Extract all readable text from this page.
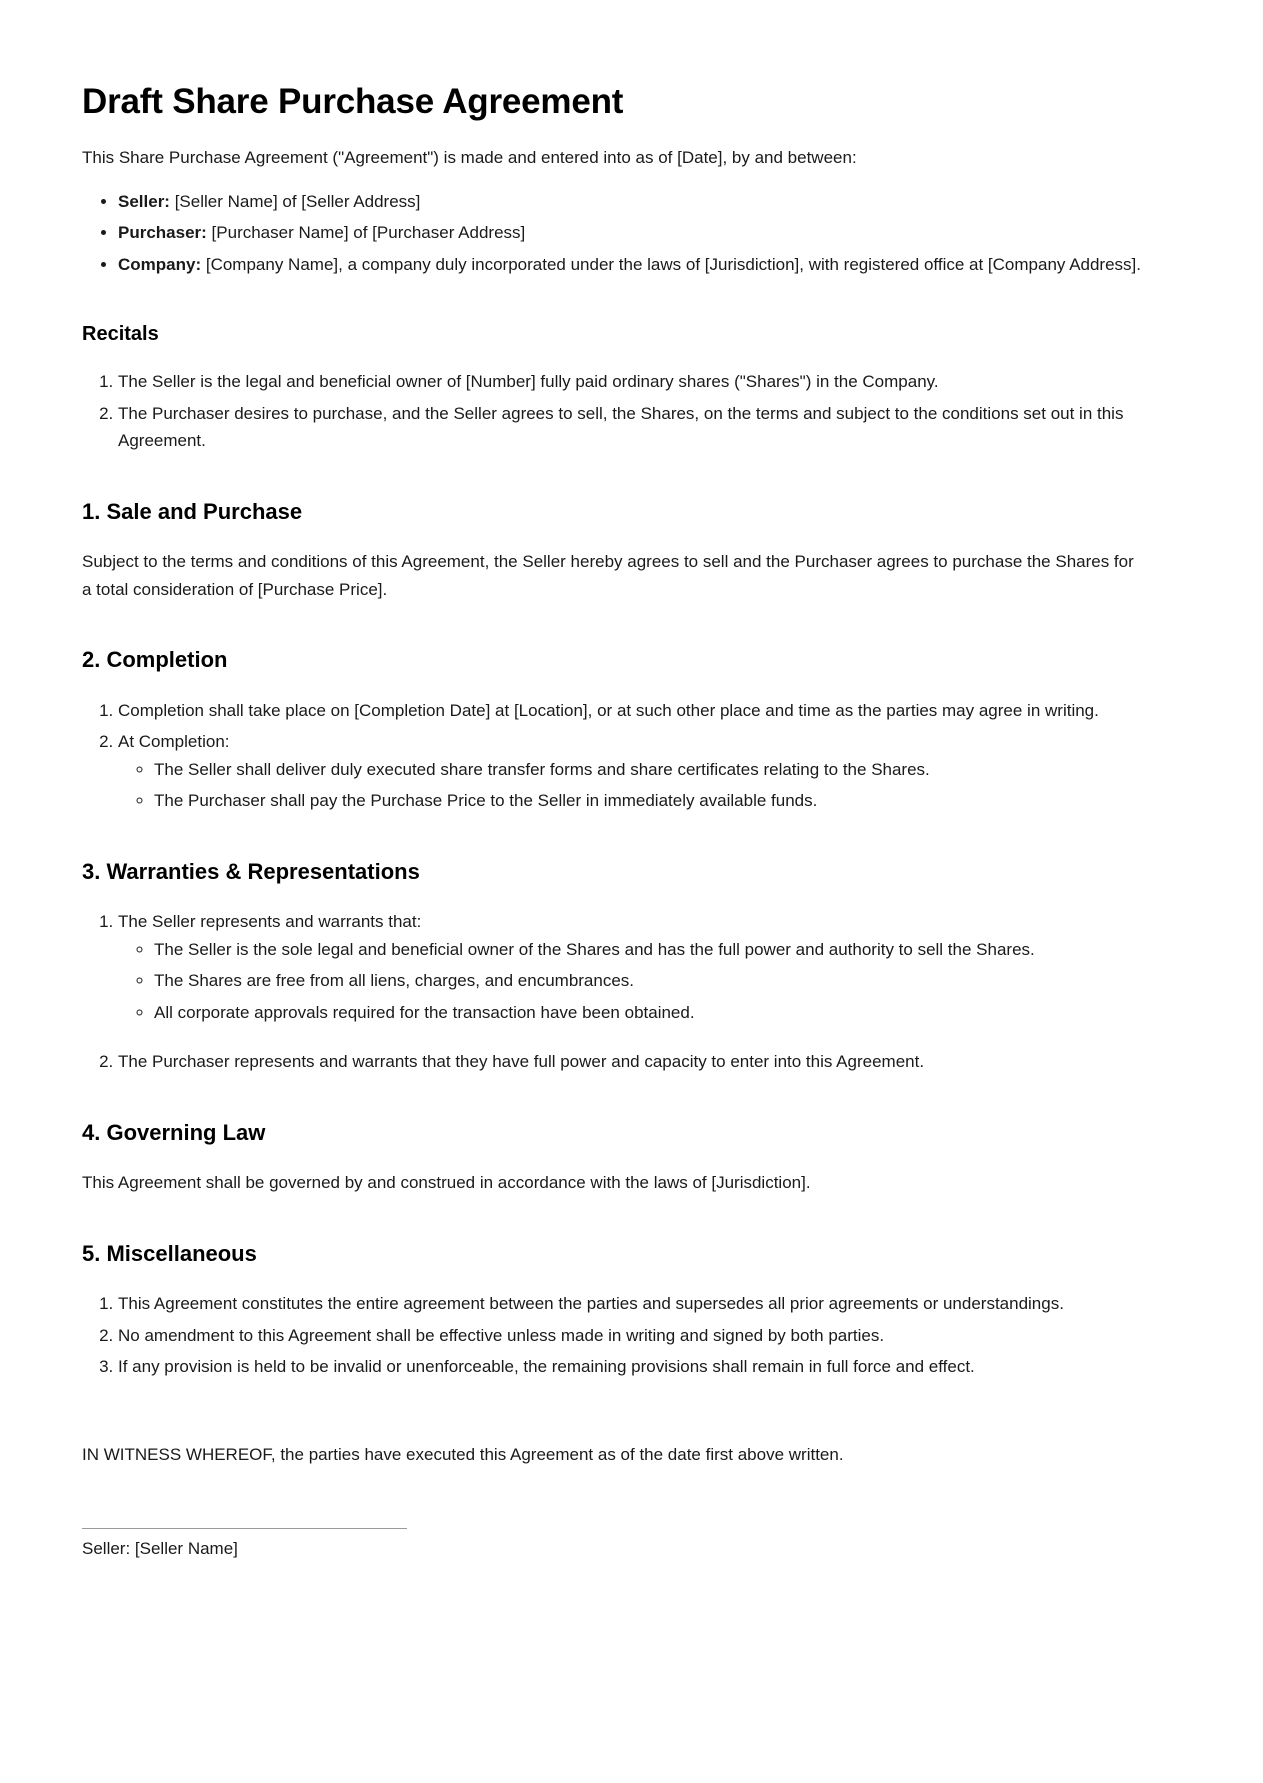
Draft Share Purchase Agreement

This Share Purchase Agreement ("Agreement") is made and entered into as of [Date], by and between:

• Seller: [Seller Name] of [Seller Address]
• Purchaser: [Purchaser Name] of [Purchaser Address]
• Company: [Company Name], a company duly incorporated under the laws of [Jurisdiction], with registered office at [Company Address].
Recitals
1. The Seller is the legal and beneficial owner of [Number] fully paid ordinary shares ("Shares") in the Company.
2. The Purchaser desires to purchase, and the Seller agrees to sell, the Shares, on the terms and subject to the conditions set out in this Agreement.
1. Sale and Purchase

Subject to the terms and conditions of this Agreement, the Seller hereby agrees to sell and the Purchaser agrees to purchase the Shares for a total consideration of [Purchase Price].

2. Completion
1. Completion shall take place on [Completion Date] at [Location], or at such other place and time as the parties may agree in writing.
2. At Completion:
◦ The Seller shall deliver duly executed share transfer forms and share certificates relating to the Shares.
◦ The Purchaser shall pay the Purchase Price to the Seller in immediately available funds.
3. Warranties & Representations
1. The Seller represents and warrants that:
◦ The Seller is the sole legal and beneficial owner of the Shares and has the full power and authority to sell the Shares.
◦ The Shares are free from all liens, charges, and encumbrances.
◦ All corporate approvals required for the transaction have been obtained.
2. The Purchaser represents and warrants that they have full power and capacity to enter into this Agreement.
4. Governing Law

This Agreement shall be governed by and construed in accordance with the laws of [Jurisdiction].

5. Miscellaneous
1. This Agreement constitutes the entire agreement between the parties and supersedes all prior agreements or understandings.
2. No amendment to this Agreement shall be effective unless made in writing and signed by both parties.
3. If any provision is held to be invalid or unenforceable, the remaining provisions shall remain in full force and effect.

IN WITNESS WHEREOF, the parties have executed this Agreement as of the date first above written.

Seller: [Seller Name]
